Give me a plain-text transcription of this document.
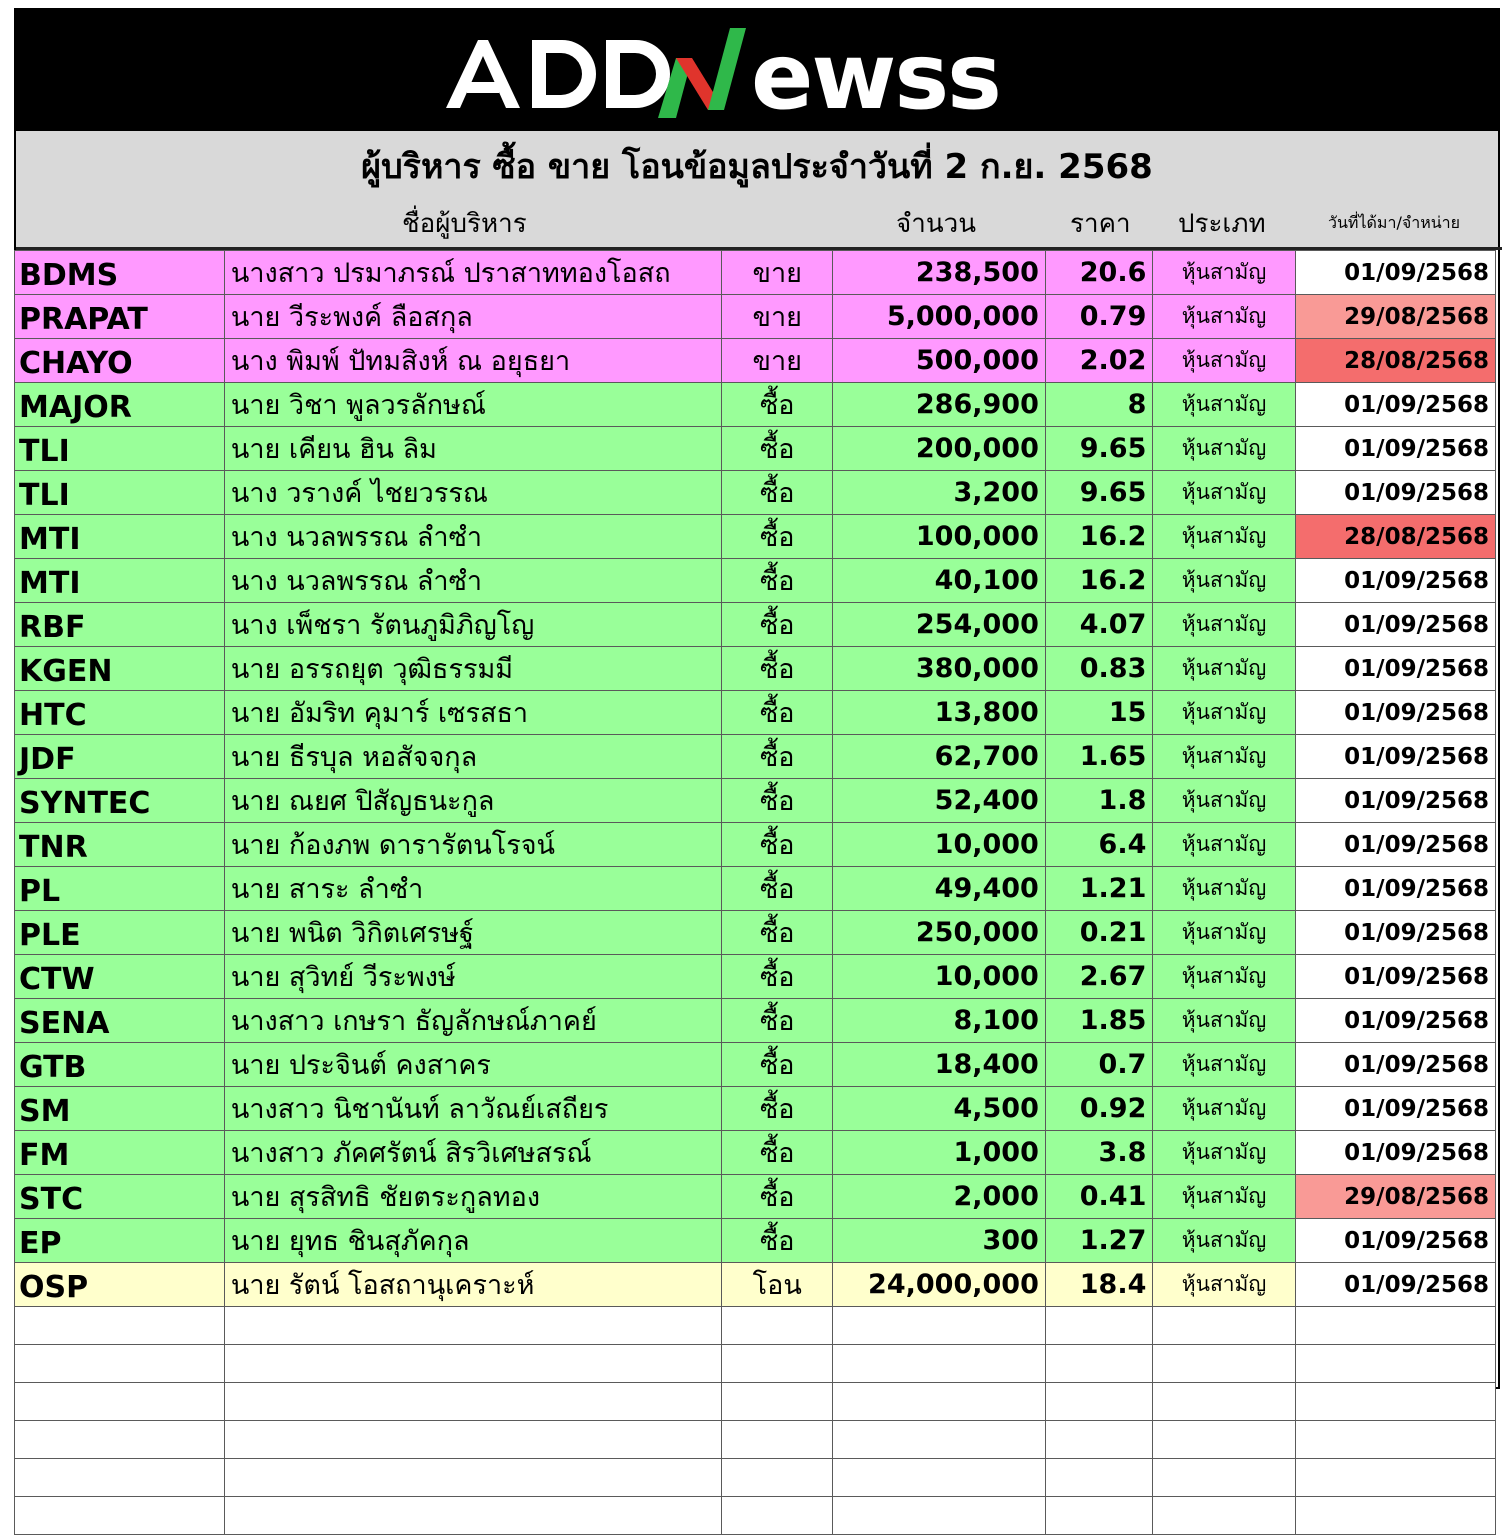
ewss
ผู้บริหาร ซื้อ ขาย โอนข้อมูลประจำวันที่ 2 ก.ย. 2568
ชื่อผู้บริหาร	จำนวน	ราคา ประเภท	วันที่ได้มา/จำหน่าย
BDMS	นางสาว ปรมาภรณ์ ปราสาททองโอสถ	ขาย	238,500	20.6	หุ้นสามัญ	01/09/2568
PRAPAT	นาย วีระพงค์ ลือสกุล	ขาย	5,000,000	0.79	หุ้นสามัญ	29/08/2568
CHAYO	นาง พิมพ์ ปัทมสิงห์ ณ อยุธยา	ขาย	500,000	2.02	หุ้นสามัญ	28/08/2568
MAJOR	นาย วิชา พูลวรลักษณ์	ซื้อ	286,900	8	หุ้นสามัญ	01/09/2568
TLI	นาย เคียน ฮิน ลิม	ซื้อ	200,000	9.65	หุ้นสามัญ	01/09/2568
TLI	นาง วรางค์ ไชยวรรณ	ซื้อ	3,200	9.65	หุ้นสามัญ	01/09/2568
MTI	นาง นวลพรรณ ลำซำ	ซื้อ	100,000	16.2	หุ้นสามัญ	28/08/2568
MTI	นาง นวลพรรณ ลำซำ	ซื้อ	40,100	16.2	หุ้นสามัญ	01/09/2568
RBF	นาง เพ็ชรา รัตนภูมิภิญโญ	ซื้อ	254,000	4.07	หุ้นสามัญ	01/09/2568
KGEN	นาย อรรถยุต วุฒิธรรมมี	ซื้อ	380,000	0.83	หุ้นสามัญ	01/09/2568
HTC	นาย อัมริท คุมาร์ เซรสธา	ซื้อ	13,800	15	หุ้นสามัญ	01/09/2568
JDF	นาย ธีรบุล หอสัจจกุล	ซื้อ	62,700	1.65	หุ้นสามัญ	01/09/2568
SYNTEC	นาย ณยศ ปิสัญธนะกูล	ซื้อ	52,400	1.8	หุ้นสามัญ	01/09/2568
TNR	นาย ก้องภพ ดารารัตนโรจน์	ซื้อ	10,000	6.4	หุ้นสามัญ	01/09/2568
PL	นาย สาระ ลำซำ	ซื้อ	49,400	1.21	หุ้นสามัญ	01/09/2568
PLE	นาย พนิต วิกิตเศรษฐ์	ซื้อ	250,000	0.21	หุ้นสามัญ	01/09/2568
CTW	นาย สุวิทย์ วีระพงษ์	ซื้อ	10,000	2.67	หุ้นสามัญ	01/09/2568
SENA	นางสาว เกษรา ธัญลักษณ์ภาคย์	ซื้อ	8,100	1.85	หุ้นสามัญ	01/09/2568
GTB	นาย ประจินต์ คงสาคร	ซื้อ	18,400	0.7	หุ้นสามัญ	01/09/2568
SM	นางสาว นิชานันท์ ลาวัณย์เสถียร	ซื้อ	4,500	0.92	หุ้นสามัญ	01/09/2568
FM	นางสาว ภัคศรัตน์ สิรวิเศษสรณ์	ซื้อ	1,000	3.8	หุ้นสามัญ	01/09/2568
STC	นาย สุรสิทธิ ชัยตระกูลทอง	ซื้อ	2,000	0.41	หุ้นสามัญ	29/08/2568
EP	นาย ยุทธ ชินสุภัคกุล	ซื้อ	300	1.27	หุ้นสามัญ	01/09/2568
OSP	นาย รัตน์ โอสถานุเคราะห์	โอน	24,000,000	18.4	หุ้นสามัญ	01/09/2568
